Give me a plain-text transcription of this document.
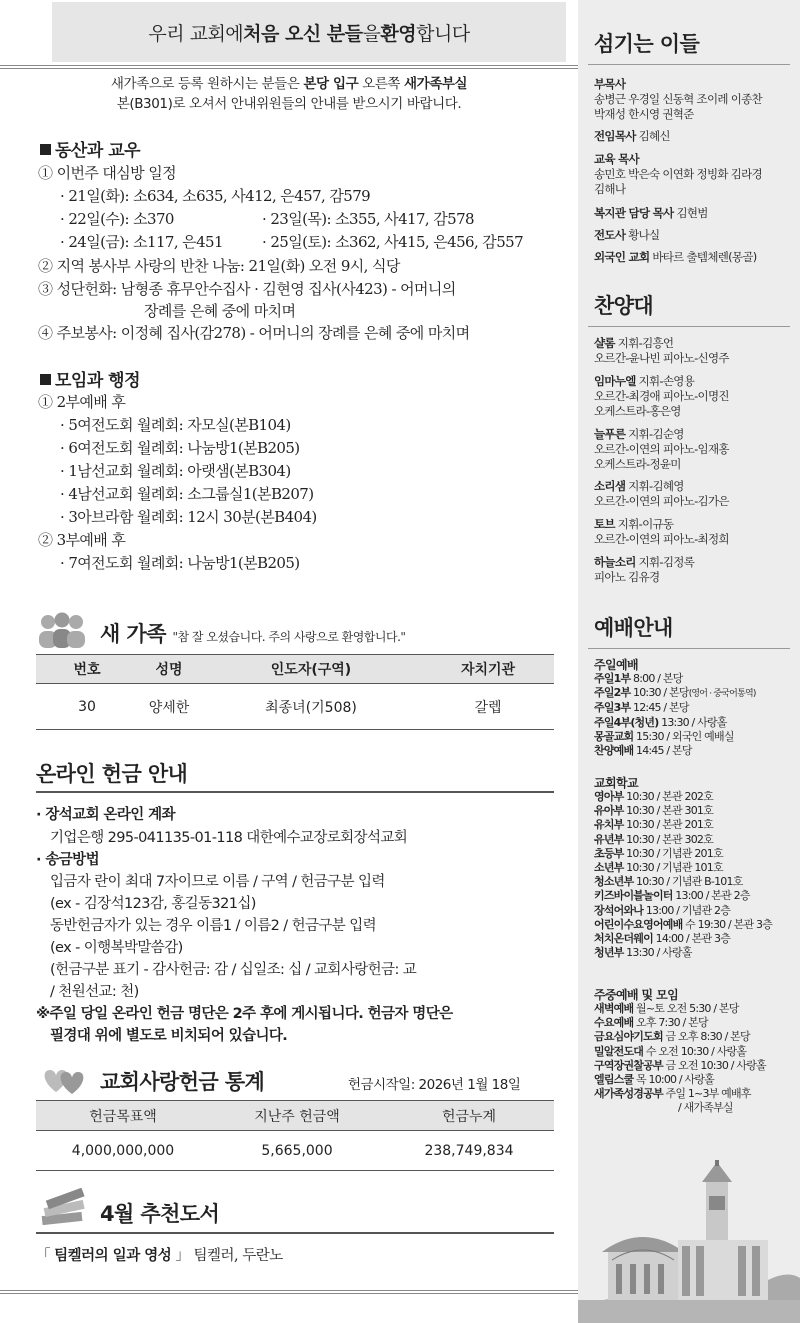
우리 교회에 처음 오신 분들 을 환영 합니다
새가족으로 등록 원하시는 분들은 본당 입구 오른쪽 새가족부실
본(B301)로 오셔서 안내위원들의 안내를 받으시기 바랍니다.
동산과 교우
① 이번주 대심방 일정
· 21일(화): 소634, 소635, 사412, 은457, 감579
· 22일(수): 소370	· 23일(목): 소355, 사417, 감578
· 24일(금): 소117, 은451	· 25일(토): 소362, 사415, 은456, 감557
② 지역 봉사부 사랑의 반찬 나눔: 21일(화) 오전 9시, 식당
③ 성단헌화: 남형종 휴무안수집사 · 김현영 집사(사423) - 어머니의
장례를 은혜 중에 마치며
④ 주보봉사: 이정혜 집사(감278) - 어머니의 장례를 은혜 중에 마치며
모임과 행정
① 2부예배 후
· 5여전도회 월례회: 자모실(본B104)
· 6여전도회 월례회: 나눔방1(본B205)
· 1남선교회 월례회: 아랫샘(본B304)
· 4남선교회 월례회: 소그룹실1(본B207)
· 3아브라함 월례회: 12시 30분(본B404)
② 3부예배 후
· 7여전도회 월례회: 나눔방1(본B205)
새 가족 "참 잘 오셨습니다. 주의 사랑으로 환영합니다."
번호	성명	인도자(구역)	자치기관
30	양세한	최종녀(기508)	갈렙
온라인 헌금 안내
· 장석교회 온라인 계좌
기업은행 295-041135-01-118 대한예수교장로회장석교회
· 송금방법
입금자 란이 최대 7자이므로 이름 / 구역 / 헌금구분 입력
(ex - 김장석123감, 홍길동321십)
동반헌금자가 있는 경우 이름1 / 이름2 / 헌금구분 입력
(ex - 이행복박말씀감)
(헌금구분 표기 - 감사헌금: 감 / 십일조: 십 / 교회사랑헌금: 교
/ 천원선교: 천)
※주일 당일 온라인 헌금 명단은 2주 후에 게시됩니다. 헌금자 명단은
필경대 위에 별도로 비치되어 있습니다.
교회사랑헌금 통계	헌금시작일: 2026년 1월 18일
헌금목표액	지난주 헌금액	헌금누계
4,000,000,000	5,665,000	238,749,834
4월 추천도서
「 팀켈러의 일과 영성 」 팀켈러, 두란노
섬기는 이들
부목사
송병근 우경일 신동혁 조이레 이종찬
박재성 한시영 권혁준
전임목사 김혜신
교육 목사
송민호 박은숙 이연화 정빙화 김라경
김해나
복지관 담당 목사 김현범
전도사 황나실
외국인 교회 바타르 출템체렌(몽골)
찬양대
샬롬 지휘-김흥언
오르간-윤나빈 피아노-신영주
임마누엘 지휘-손영용
오르간-최경애 피아노-이명진
오케스트라-홍은영
늘푸른 지휘-김순영
오르간-이연의 피아노-임재홍
오케스트라-정윤미
소리샘 지휘-김혜영
오르간-이연의 피아노-김가은
토브 지휘-이규동
오르간-이연의 피아노-최정희
하늘소리 지휘-김정록
피아노 김유경
예배안내
주일예배
주일1부 8:00 / 본당
주일2부 10:30 / 본당(영어 · 중국어통역)
주일3부 12:45 / 본당
주일4부(청년) 13:30 / 사랑홀
몽골교회 15:30 / 외국인 예배실
찬양예배 14:45 / 본당
교회학교
영아부 10:30 / 본관 202호
유아부 10:30 / 본관 301호
유치부 10:30 / 본관 201호
유년부 10:30 / 본관 302호
초등부 10:30 / 기념관 201호
소년부 10:30 / 기념관 101호
청소년부 10:30 / 기념관 B-101호
키즈바이블놀이터 13:00 / 본관 2층
장석어와나 13:00 / 기념관 2층
어린이수요영어예배 수 19:30 / 본관 3층
처치온더웨이 14:00 / 본관 3층
청년부 13:30 / 사랑홀
주중예배 및 모임
새벽예배 월~토 오전 5:30 / 본당
수요예배 오후 7:30 / 본당
금요심야기도회 금 오후 8:30 / 본당
밀알전도대 수 오전 10:30 / 사랑홀
구역장권찰공부 금 오전 10:30 / 사랑홀
엘림스쿨 목 10:00 / 사랑홀
새가족성경공부 주일 1~3부 예배후
/ 새가족부실
